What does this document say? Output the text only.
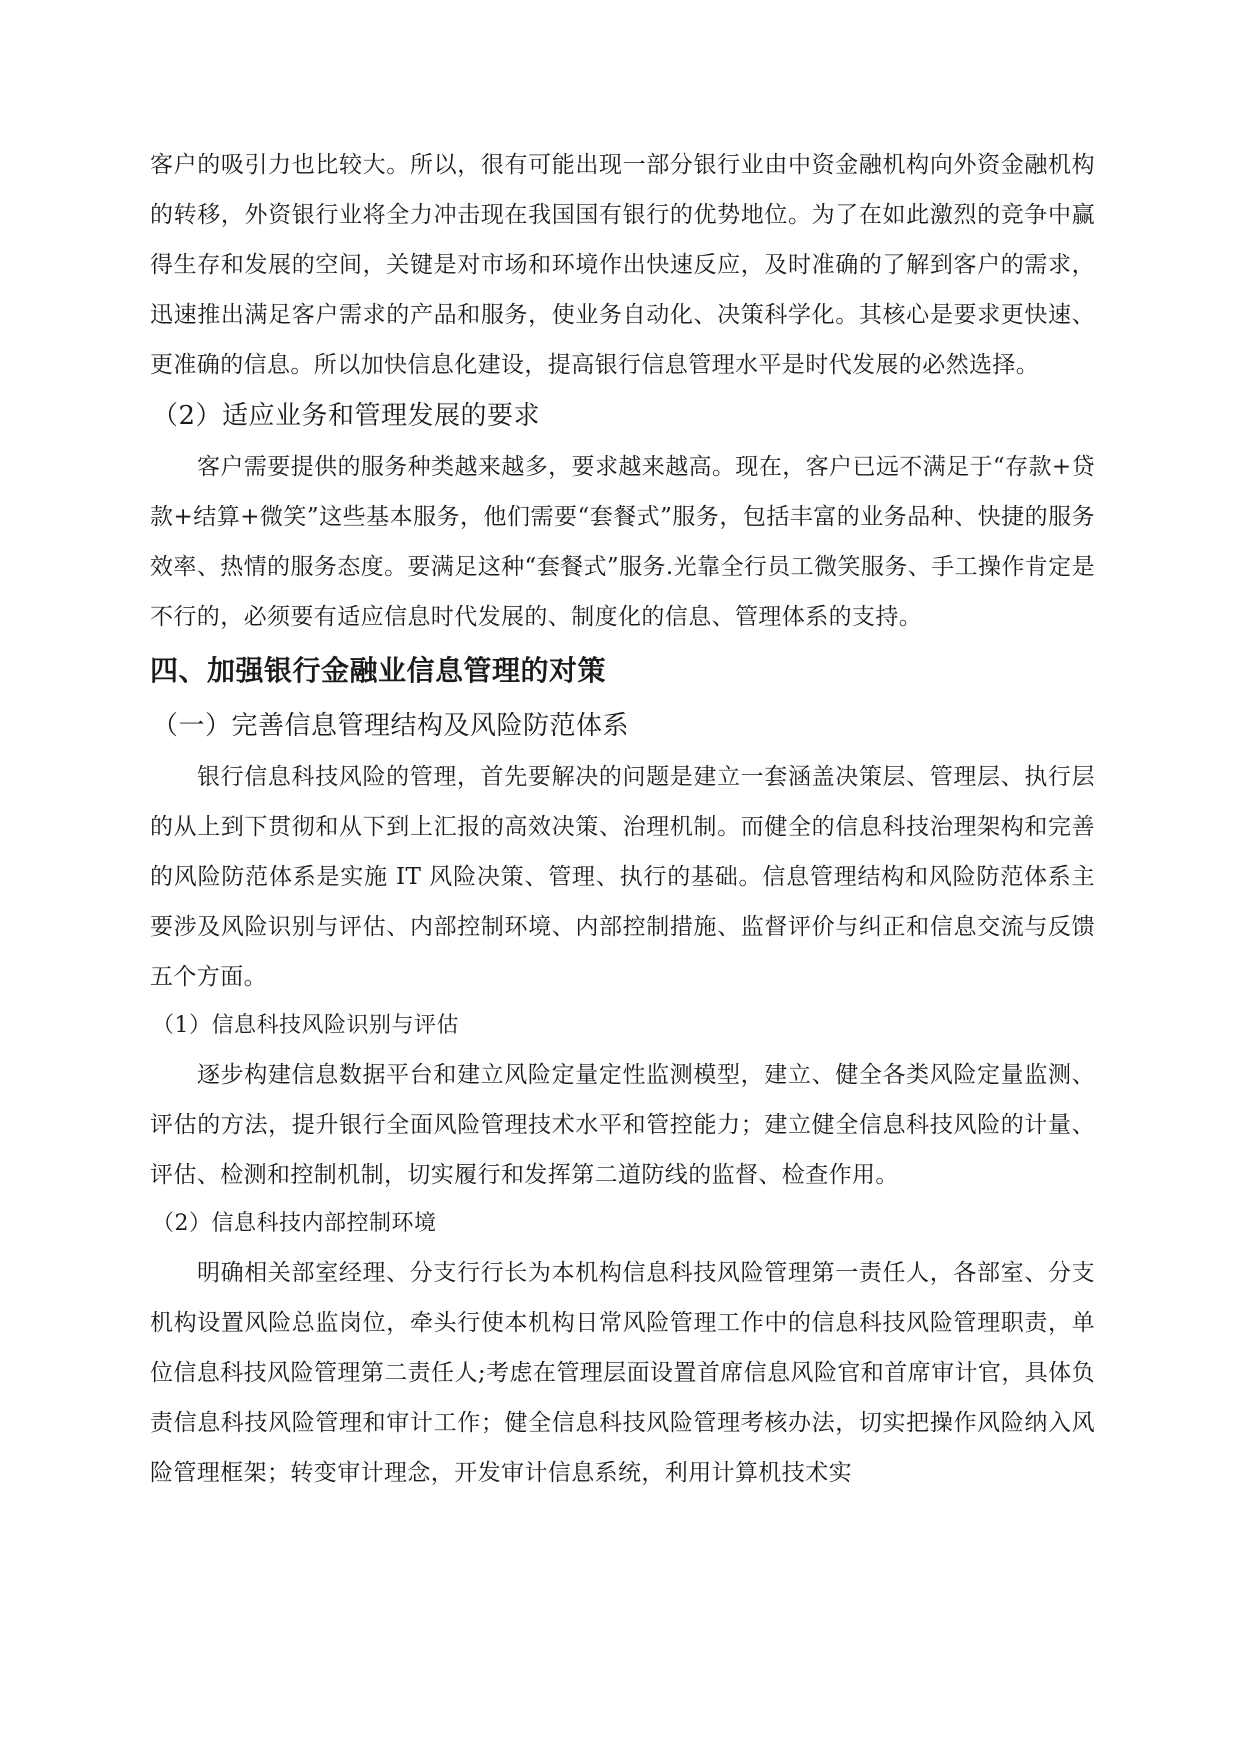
客户的吸引力也比较大。所以，很有可能出现一部分银行业由中资金融机构向外资金融机构的转移，外资银行业将全力冲击现在我国国有银行的优势地位。为了在如此激烈的竞争中赢得生存和发展的空间，关键是对市场和环境作出快速反应，及时准确的了解到客户的需求，迅速推出满足客户需求的产品和服务，使业务自动化、决策科学化。其核心是要求更快速、更准确的信息。所以加快信息化建设，提高银行信息管理水平是时代发展的必然选择。

（2）适应业务和管理发展的要求

客户需要提供的服务种类越来越多，要求越来越高。现在，客户已远不满足于“存款+贷款+结算+微笑”这些基本服务，他们需要“套餐式”服务，包括丰富的业务品种、快捷的服务效率、热情的服务态度。要满足这种“套餐式”服务.光靠全行员工微笑服务、手工操作肯定是不行的，必须要有适应信息时代发展的、制度化的信息、管理体系的支持。

四、加强银行金融业信息管理的对策

（一）完善信息管理结构及风险防范体系

银行信息科技风险的管理，首先要解决的问题是建立一套涵盖决策层、管理层、执行层的从上到下贯彻和从下到上汇报的高效决策、治理机制。而健全的信息科技治理架构和完善的风险防范体系是实施 IT 风险决策、管理、执行的基础。信息管理结构和风险防范体系主要涉及风险识别与评估、内部控制环境、内部控制措施、监督评价与纠正和信息交流与反馈五个方面。

（1）信息科技风险识别与评估

逐步构建信息数据平台和建立风险定量定性监测模型，建立、健全各类风险定量监测、评估的方法，提升银行全面风险管理技术水平和管控能力；建立健全信息科技风险的计量、评估、检测和控制机制，切实履行和发挥第二道防线的监督、检查作用。

（2）信息科技内部控制环境

明确相关部室经理、分支行行长为本机构信息科技风险管理第一责任人，各部室、分支机构设置风险总监岗位，牵头行使本机构日常风险管理工作中的信息科技风险管理职责，单位信息科技风险管理第二责任人;考虑在管理层面设置首席信息风险官和首席审计官，具体负责信息科技风险管理和审计工作；健全信息科技风险管理考核办法，切实把操作风险纳入风险管理框架；转变审计理念，开发审计信息系统，利用计算机技术实
